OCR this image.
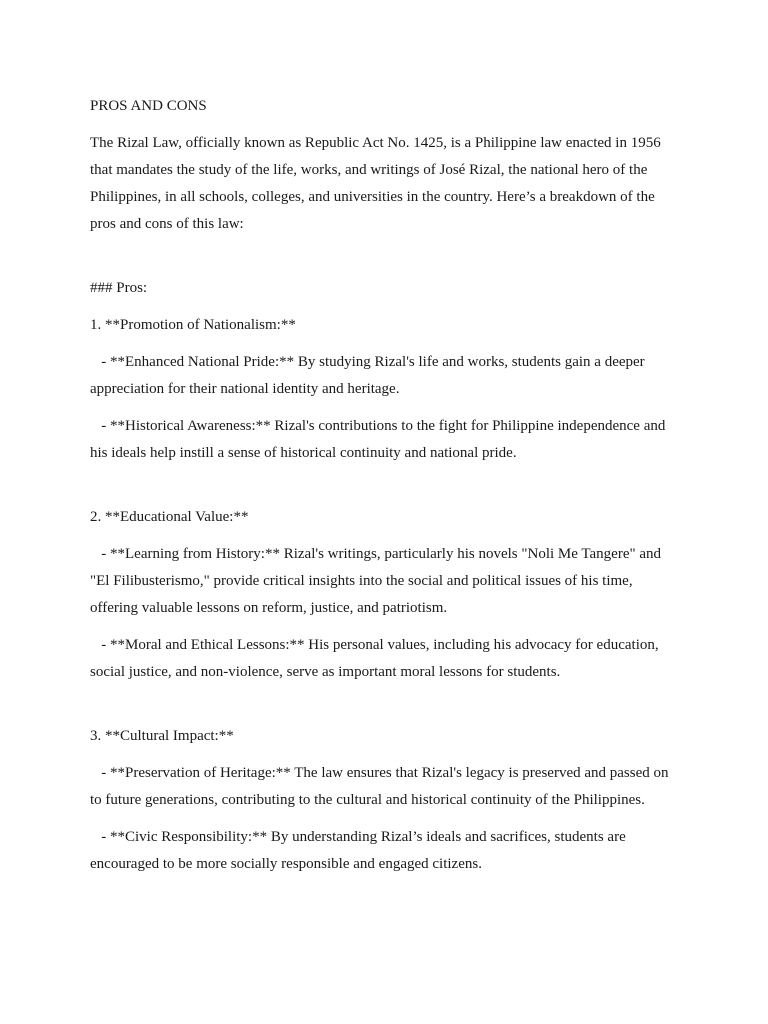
PROS AND CONS

The Rizal Law, officially known as Republic Act No. 1425, is a Philippine law enacted in 1956 that mandates the study of the life, works, and writings of José Rizal, the national hero of the Philippines, in all schools, colleges, and universities in the country. Here’s a breakdown of the pros and cons of this law:

### Pros:

1. **Promotion of Nationalism:**

- **Enhanced National Pride:** By studying Rizal's life and works, students gain a deeper appreciation for their national identity and heritage.

- **Historical Awareness:** Rizal's contributions to the fight for Philippine independence and his ideals help instill a sense of historical continuity and national pride.

2. **Educational Value:**

- **Learning from History:** Rizal's writings, particularly his novels "Noli Me Tangere" and "El Filibusterismo," provide critical insights into the social and political issues of his time, offering valuable lessons on reform, justice, and patriotism.

- **Moral and Ethical Lessons:** His personal values, including his advocacy for education, social justice, and non-violence, serve as important moral lessons for students.

3. **Cultural Impact:**

- **Preservation of Heritage:** The law ensures that Rizal's legacy is preserved and passed on to future generations, contributing to the cultural and historical continuity of the Philippines.

- **Civic Responsibility:** By understanding Rizal’s ideals and sacrifices, students are encouraged to be more socially responsible and engaged citizens.
